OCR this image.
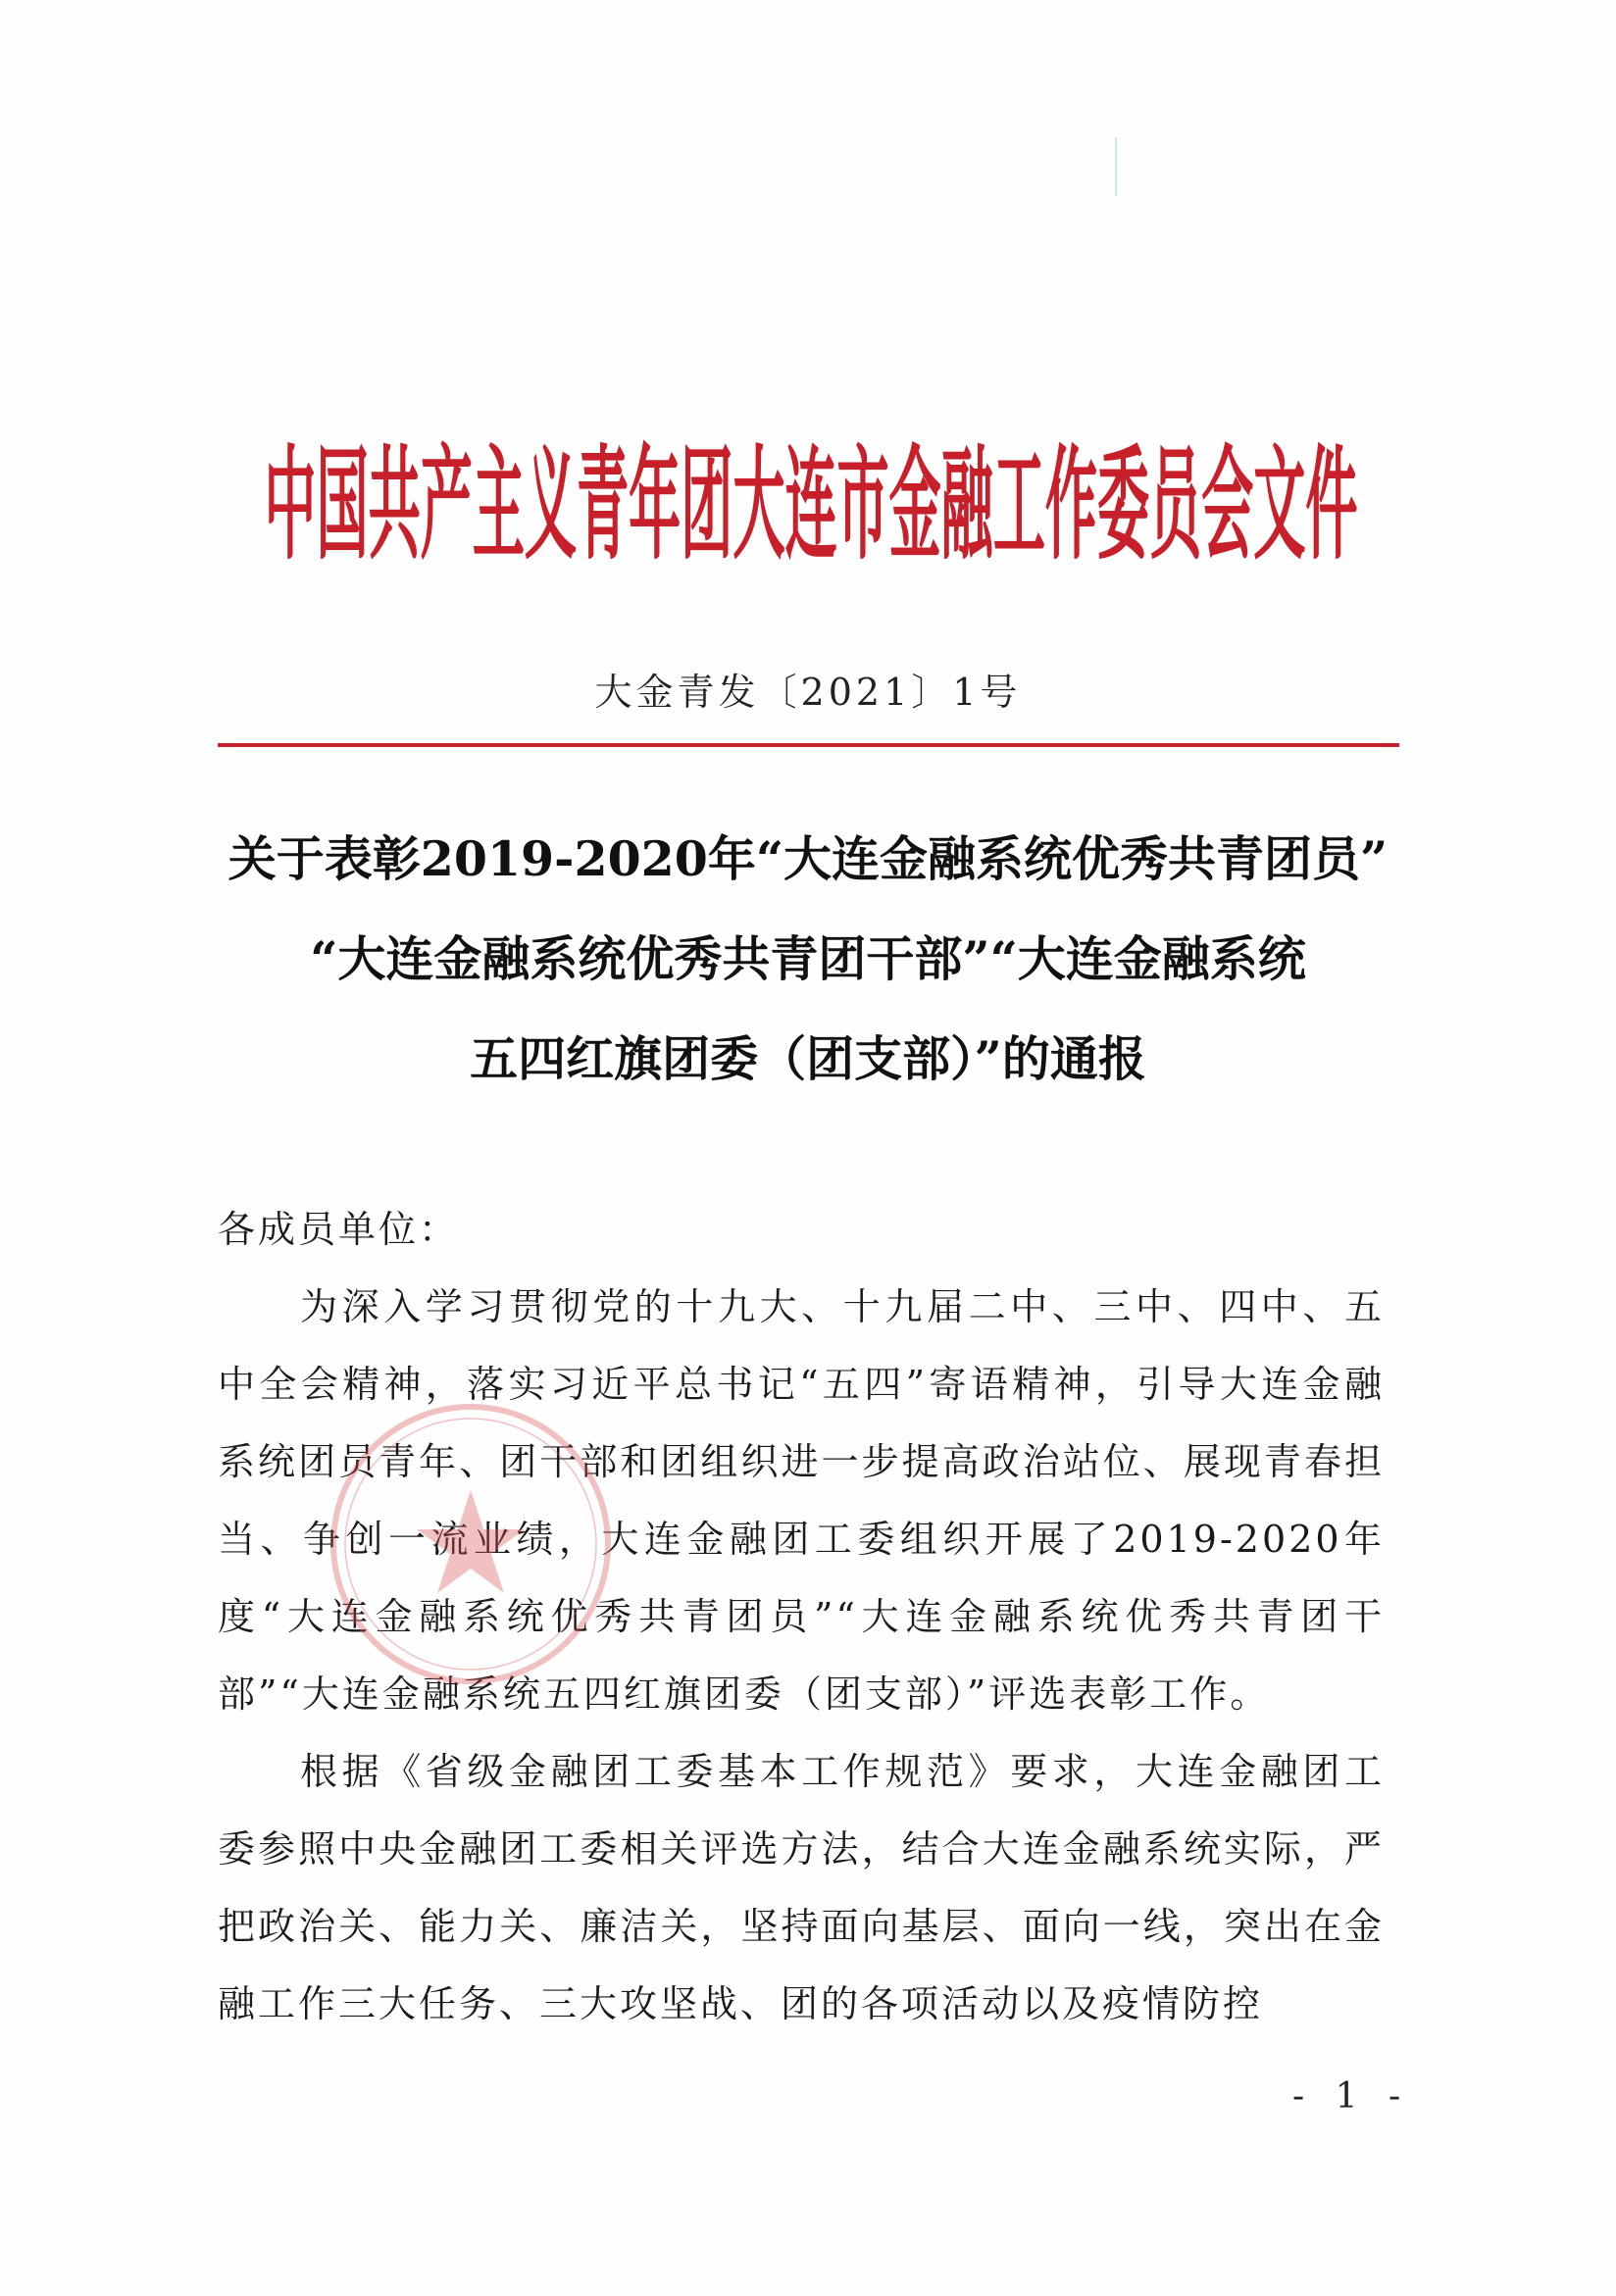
中国共产主义青年团大连市金融工作委员会文件
大金青发〔2021〕1号
关于表彰2019-2020年“大连金融系统优秀共青团员”
“大连金融系统优秀共青团干部”“大连金融系统
五四红旗团委（团支部）”的通报

各成员单位：

为深入学习贯彻党的十九大、十九届二中、三中、四中、五中全会精神，落实习近平总书记“五四”寄语精神，引导大连金融系统团员青年、团干部和团组织进一步提高政治站位、展现青春担当、争创一流业绩，大连金融团工委组织开展了2019-2020年度“大连金融系统优秀共青团员”“大连金融系统优秀共青团干部”“大连金融系统五四红旗团委（团支部）”评选表彰工作。

根据《省级金融团工委基本工作规范》要求，大连金融团工委参照中央金融团工委相关评选方法，结合大连金融系统实际，严把政治关、能力关、廉洁关，坚持面向基层、面向一线，突出在金融工作三大任务、三大攻坚战、团的各项活动以及疫情防控

- 1 -
